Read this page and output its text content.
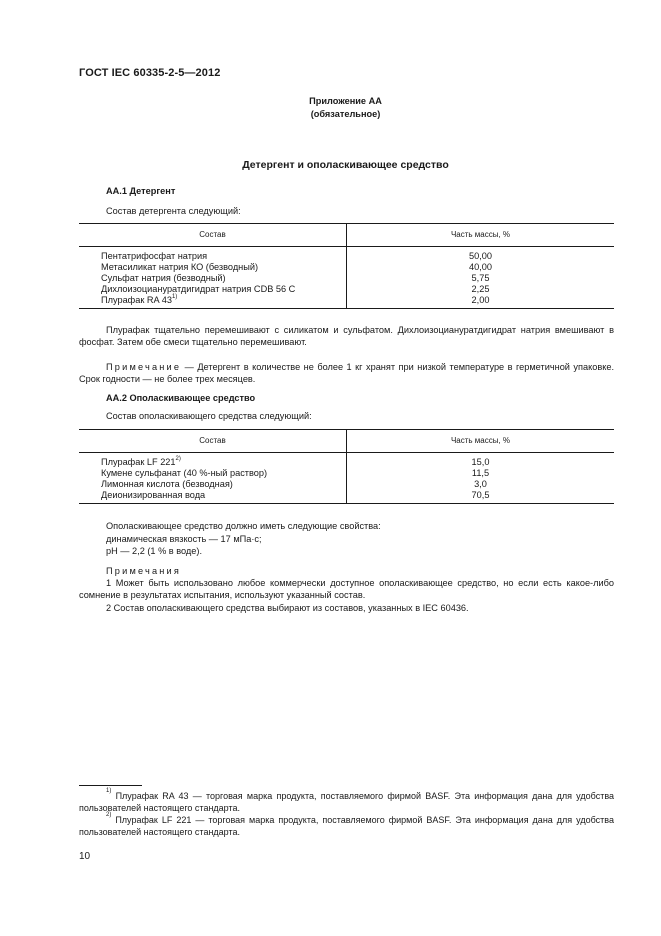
ГОСТ IEC 60335-2-5—2012
Приложение АА
(обязательное)
Детергент и ополаскивающее средство
АА.1 Детергент
Состав детергента следующий:
Состав	Часть массы, %
Пентатрифосфат натрия	50,00
Метасиликат натрия КО (безводный)	40,00
Сульфат натрия (безводный)	5,75
Дихлоизоциануратдигидрат натрия CDB 56 С	2,25
Плурафак RA 43$^{1)}$	2,00
Плурафак тщательно перемешивают с силикатом и сульфатом. Дихлоизоциануратдигидрат натрия вмешивают в фосфат. Затем обе смеси тщательно перемешивают.
Примечание — Детергент в количестве не более 1 кг хранят при низкой температуре в герметичной упаковке. Срок годности — не более трех месяцев.
АА.2 Ополаскивающее средство
Состав ополаскивающего средства следующий:
Состав	Часть массы, %
Плурафак LF 221$^{2)}$	15,0
Кумене сульфанат (40 %-ный раствор)	11,5
Лимонная кислота (безводная)	3,0
Деионизированная вода	70,5
Ополаскивающее средство должно иметь следующие свойства:
динамическая вязкость — 17 мПа·с;
pH — 2,2 (1 % в воде).
Примечания
1 Может быть использовано любое коммерчески доступное ополаскивающее средство, но если есть какое-либо сомнение в результатах испытания, используют указанный состав.
2 Состав ополаскивающего средства выбирают из составов, указанных в IEC 60436.
$^{1)}$ Плурафак RA 43 — торговая марка продукта, поставляемого фирмой BASF. Эта информация дана для удобства пользователей настоящего стандарта.
$^{2)}$ Плурафак LF 221 — торговая марка продукта, поставляемого фирмой BASF. Эта информация дана для удобства пользователей настоящего стандарта.
10
